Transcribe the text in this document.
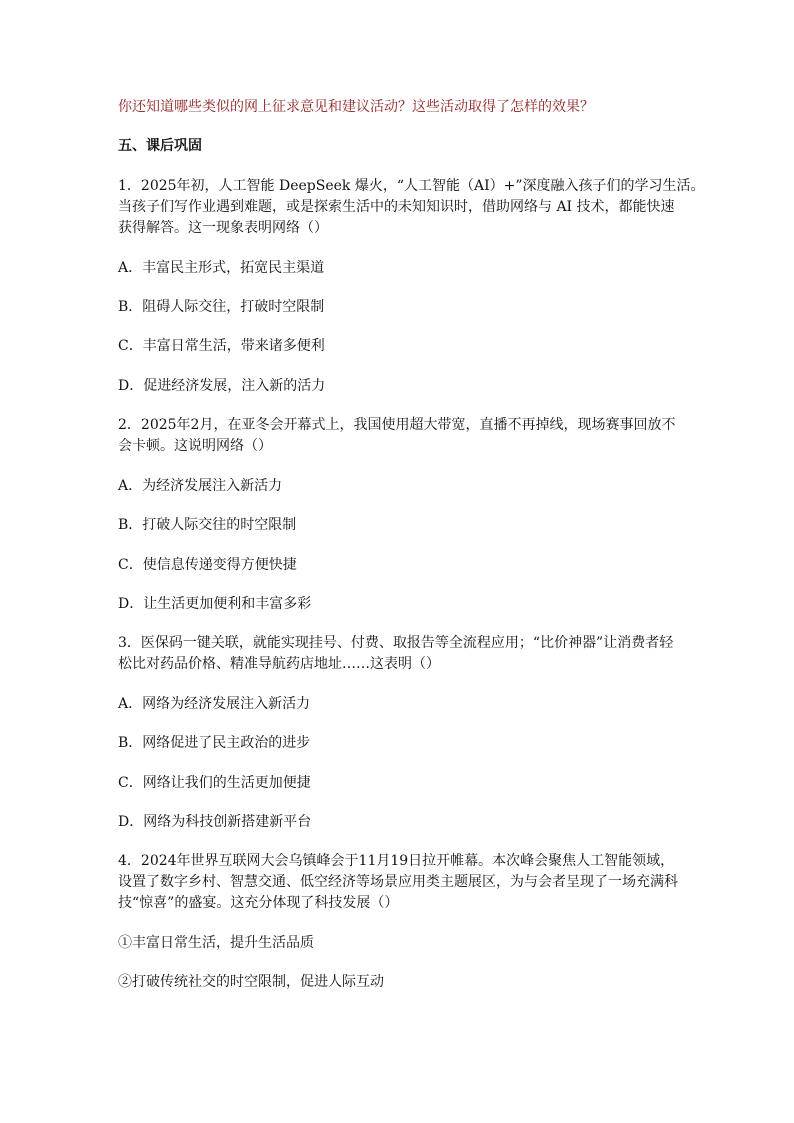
你还知道哪些类似的网上征求意见和建议活动？这些活动取得了怎样的效果？
五、课后巩固
1．2025年初，人工智能 DeepSeek 爆火，“人工智能（AI）+”深度融入孩子们的学习生活。
当孩子们写作业遇到难题，或是探索生活中的未知知识时，借助网络与 AI 技术，都能快速
获得解答。这一现象表明网络（）
A．丰富民主形式，拓宽民主渠道
B．阻碍人际交往，打破时空限制
C．丰富日常生活，带来诸多便利
D．促进经济发展，注入新的活力
2．2025年2月，在亚冬会开幕式上，我国使用超大带宽，直播不再掉线，现场赛事回放不
会卡顿。这说明网络（）
A．为经济发展注入新活力
B．打破人际交往的时空限制
C．使信息传递变得方便快捷
D．让生活更加便利和丰富多彩
3．医保码一键关联，就能实现挂号、付费、取报告等全流程应用；“比价神器”让消费者轻
松比对药品价格、精准导航药店地址……这表明（）
A．网络为经济发展注入新活力
B．网络促进了民主政治的进步
C．网络让我们的生活更加便捷
D．网络为科技创新搭建新平台
4．2024年世界互联网大会乌镇峰会于11月19日拉开帷幕。本次峰会聚焦人工智能领域，
设置了数字乡村、智慧交通、低空经济等场景应用类主题展区，为与会者呈现了一场充满科
技“惊喜”的盛宴。这充分体现了科技发展（）
①丰富日常生活，提升生活品质
②打破传统社交的时空限制，促进人际互动
